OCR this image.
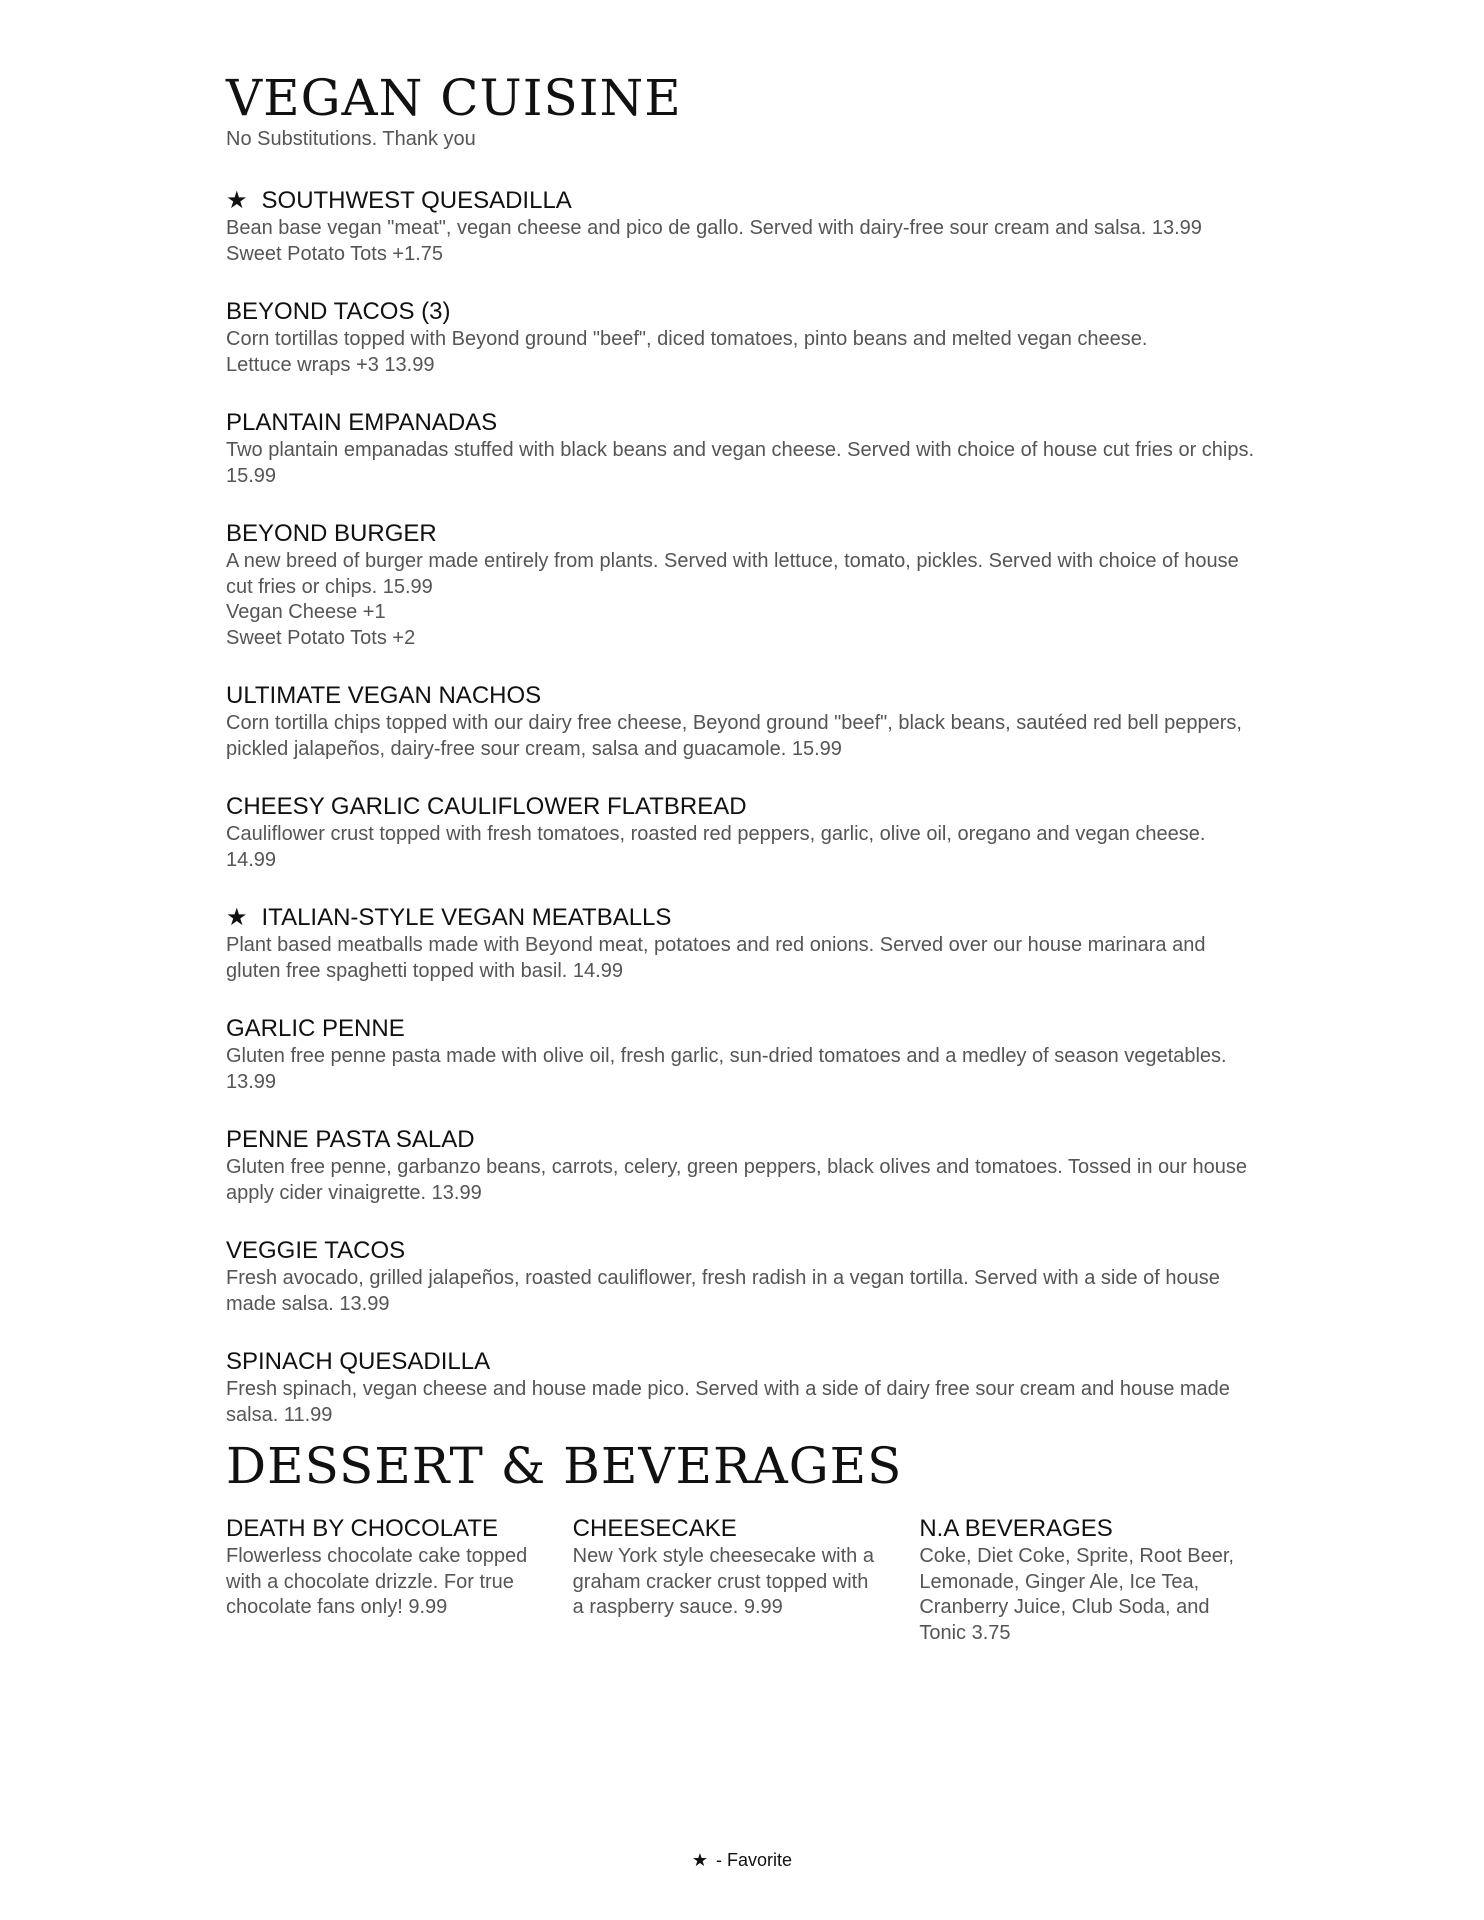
VEGAN CUISINE

No Substitutions. Thank you

★ SOUTHWEST QUESADILLA

Bean base vegan "meat", vegan cheese and pico de gallo. Served with dairy-free sour cream and salsa. 13.99
Sweet Potato Tots +1.75

BEYOND TACOS (3)

Corn tortillas topped with Beyond ground "beef", diced tomatoes, pinto beans and melted vegan cheese.
Lettuce wraps +3 13.99

PLANTAIN EMPANADAS

Two plantain empanadas stuffed with black beans and vegan cheese. Served with choice of house cut fries or chips.
15.99

BEYOND BURGER

A new breed of burger made entirely from plants. Served with lettuce, tomato, pickles. Served with choice of house
cut fries or chips. 15.99
Vegan Cheese +1
Sweet Potato Tots +2

ULTIMATE VEGAN NACHOS

Corn tortilla chips topped with our dairy free cheese, Beyond ground "beef", black beans, sautéed red bell peppers,
pickled jalapeños, dairy-free sour cream, salsa and guacamole. 15.99

CHEESY GARLIC CAULIFLOWER FLATBREAD

Cauliflower crust topped with fresh tomatoes, roasted red peppers, garlic, olive oil, oregano and vegan cheese.
14.99

★ ITALIAN-STYLE VEGAN MEATBALLS

Plant based meatballs made with Beyond meat, potatoes and red onions. Served over our house marinara and
gluten free spaghetti topped with basil. 14.99

GARLIC PENNE

Gluten free penne pasta made with olive oil, fresh garlic, sun-dried tomatoes and a medley of season vegetables.
13.99

PENNE PASTA SALAD

Gluten free penne, garbanzo beans, carrots, celery, green peppers, black olives and tomatoes. Tossed in our house
apply cider vinaigrette. 13.99

VEGGIE TACOS

Fresh avocado, grilled jalapeños, roasted cauliflower, fresh radish in a vegan tortilla. Served with a side of house
made salsa. 13.99

SPINACH QUESADILLA

Fresh spinach, vegan cheese and house made pico. Served with a side of dairy free sour cream and house made
salsa. 11.99
DESSERT & BEVERAGES

DEATH BY CHOCOLATE

Flowerless chocolate cake topped
with a chocolate drizzle. For true
chocolate fans only! 9.99

CHEESECAKE

New York style cheesecake with a
graham cracker crust topped with
a raspberry sauce. 9.99

N.A BEVERAGES

Coke, Diet Coke, Sprite, Root Beer,
Lemonade, Ginger Ale, Ice Tea,
Cranberry Juice, Club Soda, and
Tonic 3.75
★ - Favorite
